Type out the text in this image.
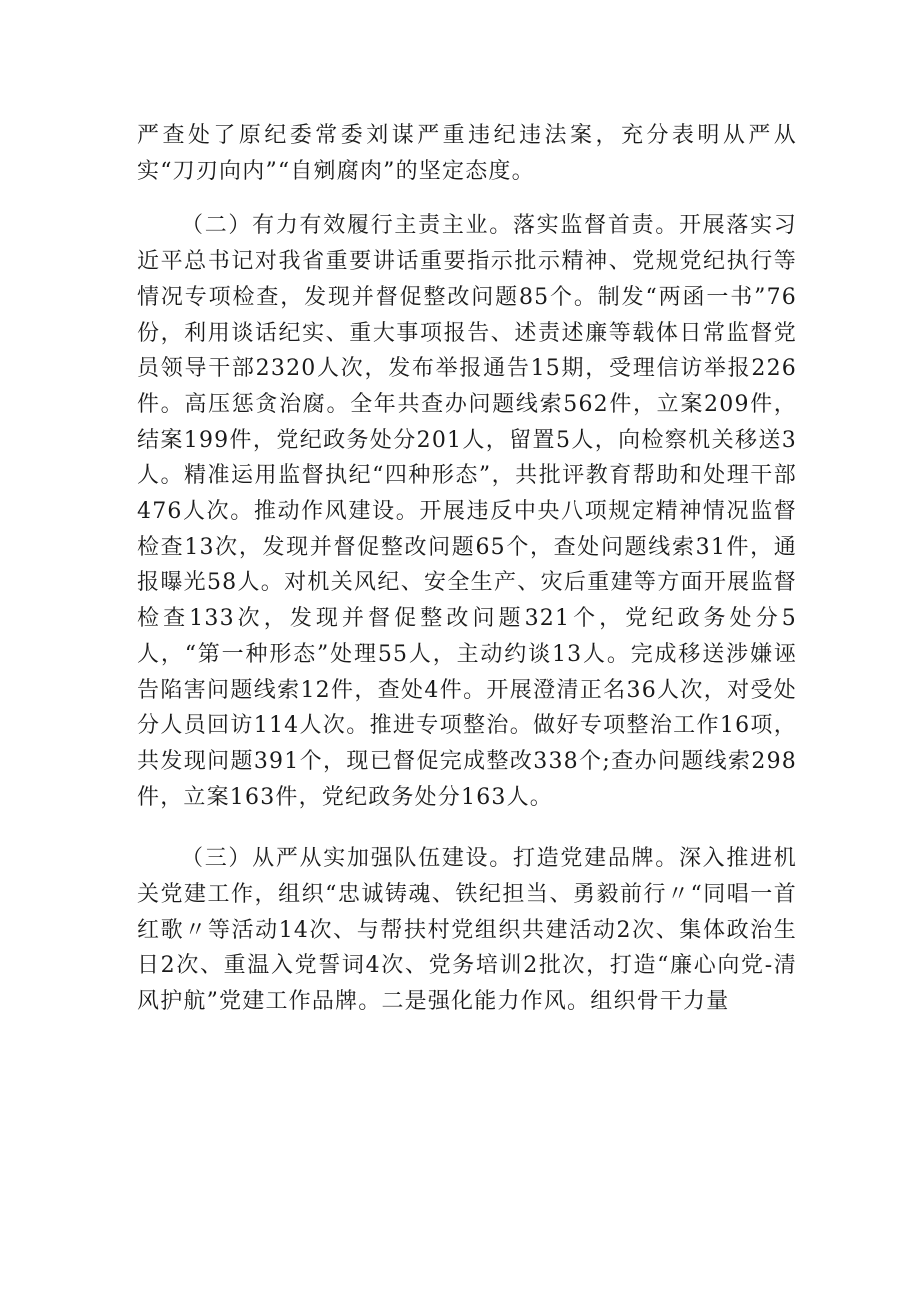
严查处了原纪委常委刘谋严重违纪违法案，充分表明从严从实“刀刃向内”“自剜腐肉”的坚定态度。

（二）有力有效履行主责主业。落实监督首责。开展落实习近平总书记对我省重要讲话重要指示批示精神、党规党纪执行等情况专项检查，发现并督促整改问题85个。制发“两函一书”76份，利用谈话纪实、重大事项报告、述责述廉等载体日常监督党员领导干部2320人次，发布举报通告15期，受理信访举报226件。高压惩贪治腐。全年共查办问题线索562件，立案209件，结案199件，党纪政务处分201人，留置5人，向检察机关移送3人。精准运用监督执纪“四种形态”，共批评教育帮助和处理干部476人次。推动作风建设。开展违反中央八项规定精神情况监督检查13次，发现并督促整改问题65个，查处问题线索31件，通报曝光58人。对机关风纪、安全生产、灾后重建等方面开展监督检查133次，发现并督促整改问题321个，党纪政务处分5人，“第一种形态”处理55人，主动约谈13人。完成移送涉嫌诬告陷害问题线索12件，查处4件。开展澄清正名36人次，对受处分人员回访114人次。推进专项整治。做好专项整治工作16项，共发现问题391个，现已督促完成整改338个;查办问题线索298件，立案163件，党纪政务处分163人。

（三）从严从实加强队伍建设。打造党建品牌。深入推进机关党建工作，组织“忠诚铸魂、铁纪担当、勇毅前行〃“同唱一首红歌〃等活动14次、与帮扶村党组织共建活动2次、集体政治生日2次、重温入党誓词4次、党务培训2批次，打造“廉心向党-清风护航”党建工作品牌。二是强化能力作风。组织骨干力量
